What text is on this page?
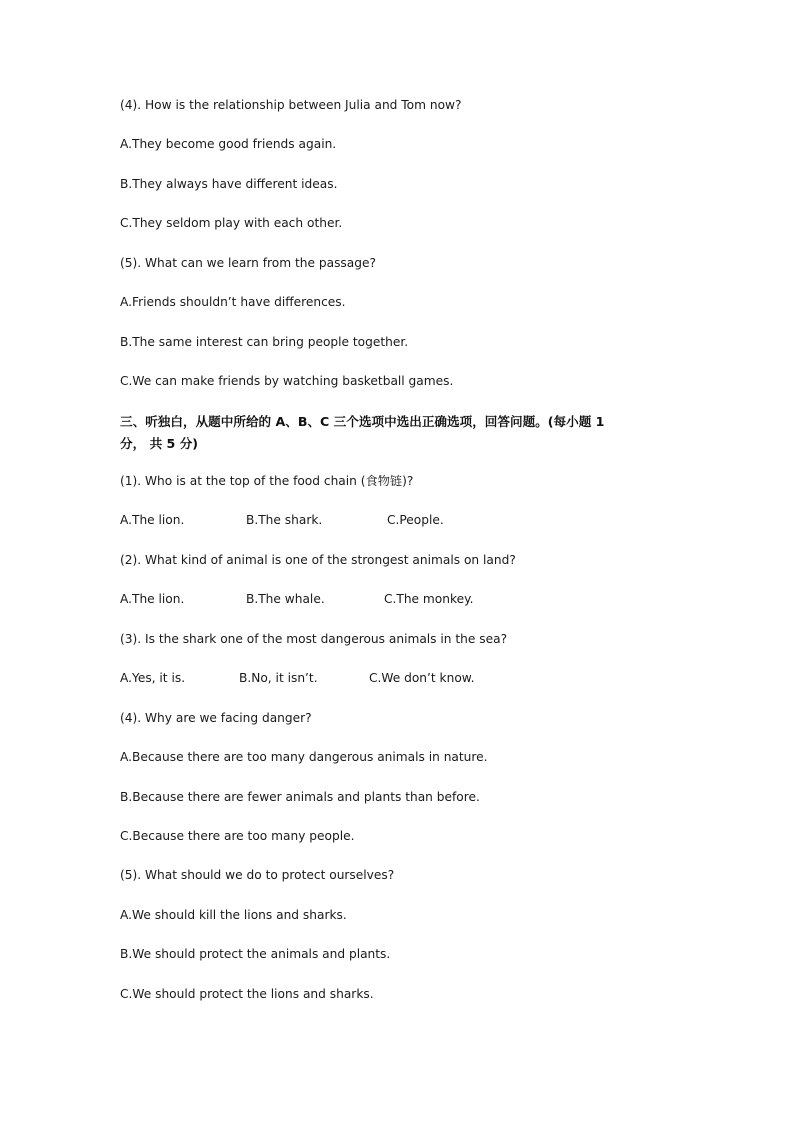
(4). How is the relationship between Julia and Tom now?
A.They become good friends again.
B.They always have different ideas.
C.They seldom play with each other.
(5). What can we learn from the passage?
A.Friends shouldn’t have differences.
B.The same interest can bring people together.
C.We can make friends by watching basketball games.
三、听独白，从题中所给的 A、B、C 三个选项中选出正确选项，回答问题。(每小题 1
分， 共 5 分)
(1). Who is at the top of the food chain (食物链)?
A.The lion.	B.The shark.	C.People.
(2). What kind of animal is one of the strongest animals on land?
A.The lion.	B.The whale.	C.The monkey.
(3). Is the shark one of the most dangerous animals in the sea?
A.Yes, it is.	B.No, it isn’t.	C.We don’t know.
(4). Why are we facing danger?
A.Because there are too many dangerous animals in nature.
B.Because there are fewer animals and plants than before.
C.Because there are too many people.
(5). What should we do to protect ourselves?
A.We should kill the lions and sharks.
B.We should protect the animals and plants.
C.We should protect the lions and sharks.
